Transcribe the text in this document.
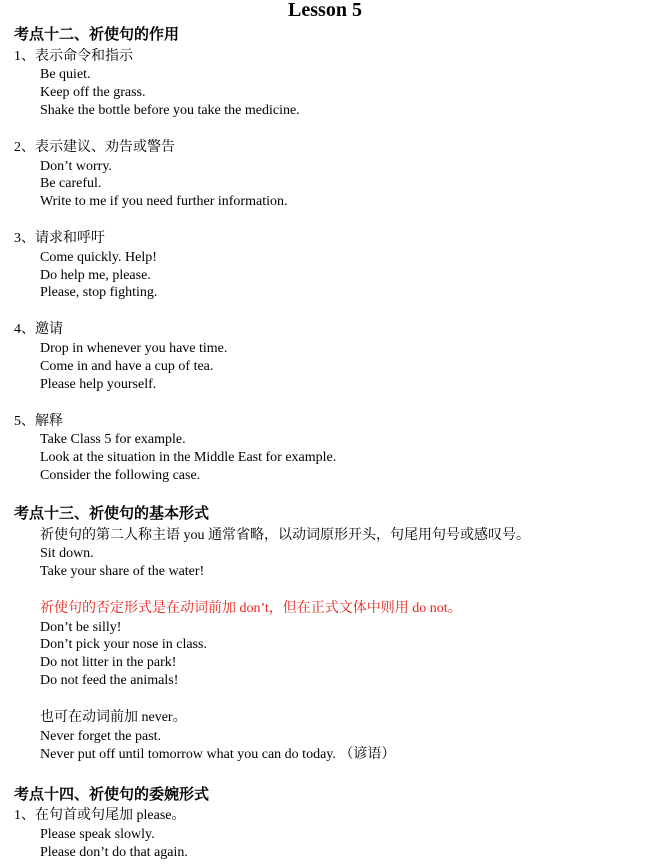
Lesson 5
考点十二、祈使句的作用
1、表示命令和指示
Be quiet.
Keep off the grass.
Shake the bottle before you take the medicine.
2、表示建议、劝告或警告
Don’t worry.
Be careful.
Write to me if you need further information.
3、请求和呼吁
Come quickly. Help!
Do help me, please.
Please, stop fighting.
4、邀请
Drop in whenever you have time.
Come in and have a cup of tea.
Please help yourself.
5、解释
Take Class 5 for example.
Look at the situation in the Middle East for example.
Consider the following case.
考点十三、祈使句的基本形式
祈使句的第二人称主语 you 通常省略，以动词原形开头，句尾用句号或感叹号。
Sit down.
Take your share of the water!
祈使句的否定形式是在动词前加 don’t，但在正式文体中则用 do not。
Don’t be silly!
Don’t pick your nose in class.
Do not litter in the park!
Do not feed the animals!
也可在动词前加 never。
Never forget the past.
Never put off until tomorrow what you can do today. （谚语）
考点十四、祈使句的委婉形式
1、在句首或句尾加 please。
Please speak slowly.
Please don’t do that again.
